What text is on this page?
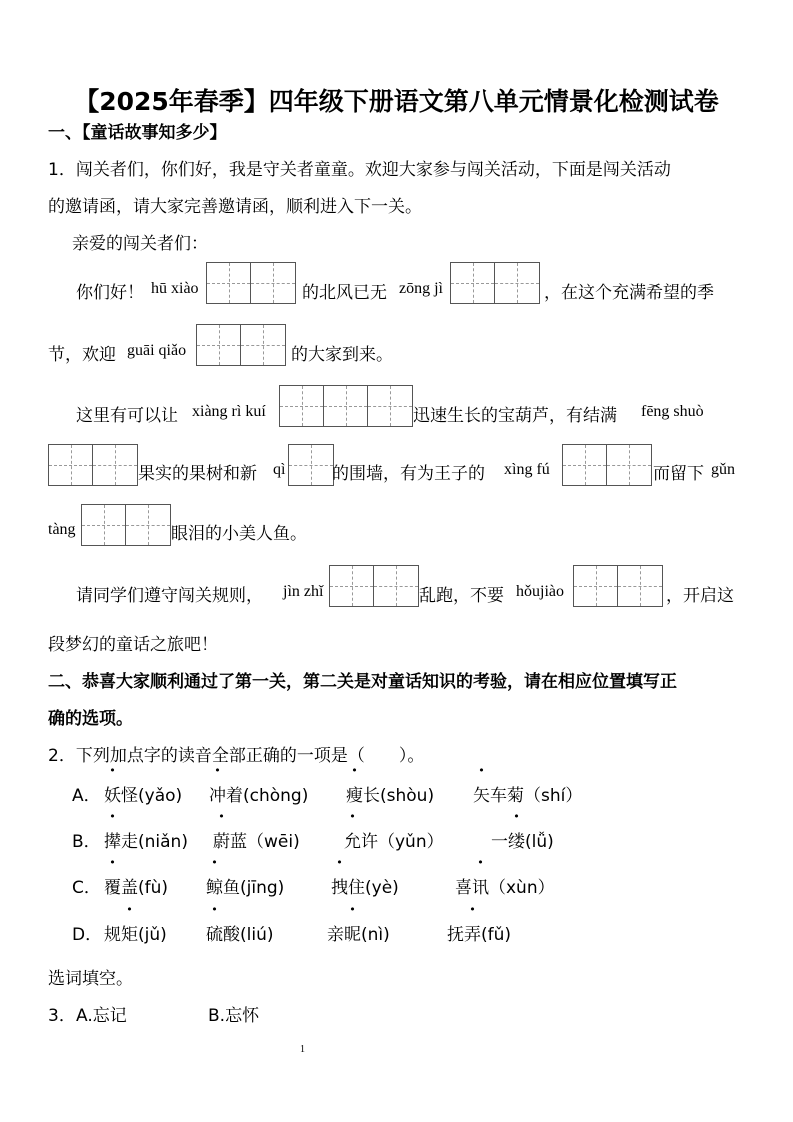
【2025年春季】四年级下册语文第八单元情景化检测试卷
一、【童话故事知多少】
1．闯关者们，你们好，我是守关者童童。欢迎大家参与闯关活动，下面是闯关活动
的邀请函，请大家完善邀请函，顺利进入下一关。
亲爱的闯关者们：
你们好！ hū xiào	的北风已无 zōng jì	，在这个充满希望的季
节，欢迎 guāi qiǎo	的大家到来。
这里有可以让 xiàng rì kuí	迅速生长的宝葫芦，有结满 fēng shuò
果实的果树和新 qì	的围墙，有为王子的 xìng fú	而留下 gǔn
tàng	眼泪的小美人鱼。
请同学们遵守闯关规则， jìn zhǐ	乱跑，不要 hǒujiào	，开启这
段梦幻的童话之旅吧！
二、恭喜大家顺利通过了第一关，第二关是对童话知识的考验，请在相应位置填写正
确的选项。
2．下列加点字的读音全部正确的一项是（　　）。
A． 妖怪(yǎo) 冲着(chòng) 瘦长(shòu) 矢车菊（shí）
B． 撵走(niǎn) 蔚蓝（wēi)	允许（yǔn）	一缕(lǚ)
C． 覆盖(fù) 鲸鱼(jīng)	拽住(yè)	喜讯（xùn）
D． 规矩(jǔ) 硫酸(liú)	亲昵(nì)	抚弄(fǔ)
选词填空。
3． A.忘记	B.忘怀
1
